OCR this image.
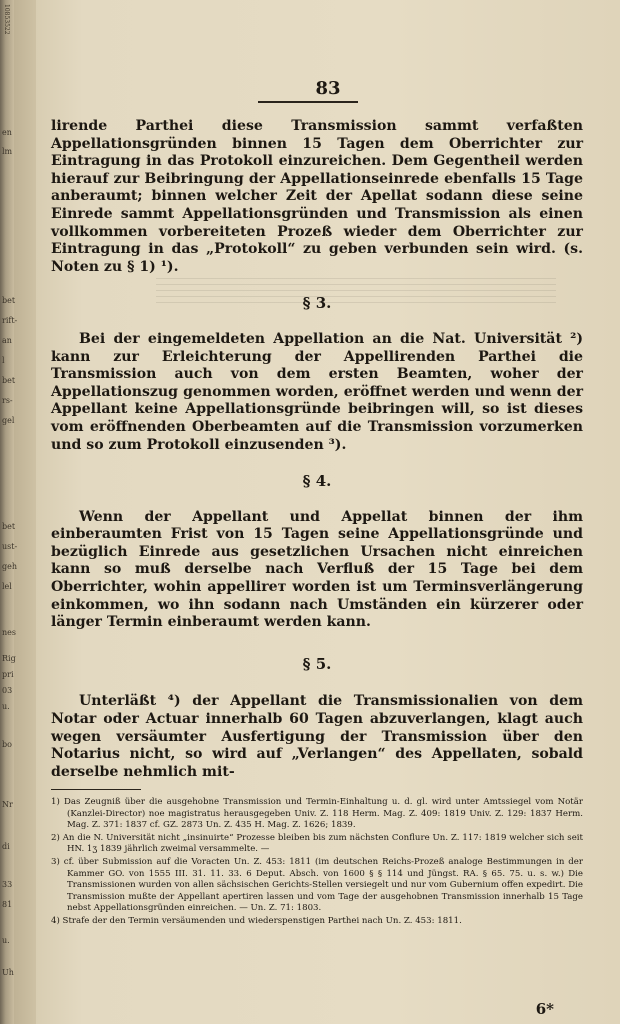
10853522
en
lm
bet
rift-
an
l
bet
rs-
gel
bet
ust-
geh
lel
nes
Rig
pri
03
u.
bo
Nr
di
33
81
u.
Uh
83

lirende Parthei diese Transmission sammt verfaßten Appellationsgründen binnen 15 Tagen dem Oberrichter zur Eintragung in das Protokoll einzureichen. Dem Gegentheil werden hierauf zur Beibringung der Appellationseinrede ebenfalls 15 Tage anberaumt; binnen welcher Zeit der Apellat sodann diese seine Einrede sammt Appellationsgründen und Transmission als einen vollkommen vorbereiteten Prozeß wieder dem Oberrichter zur Eintragung in das „Protokoll“ zu geben verbunden sein wird. (s. Noten zu § 1) ¹).

§ 3.

Bei der eingemeldeten Appellation an die Nat. Universität ²) kann zur Erleichterung der Appellirenden Parthei die Transmission auch von dem ersten Beamten, woher der Appellationszug genommen worden, eröffnet werden und wenn der Appellant keine Appellationsgründe beibringen will, so ist dieses vom eröffnenden Oberbeamten auf die Transmission vorzumerken und so zum Protokoll einzusenden ³).

§ 4.

Wenn der Appellant und Appellat binnen der ihm einberaumten Frist von 15 Tagen seine Appellationsgründe und bezüglich Einrede aus gesetzlichen Ursachen nicht einreichen kann so muß derselbe nach Verfluß der 15 Tage bei dem Oberrichter, wohin appellirет worden ist um Terminsverlängerung einkommen, wo ihn sodann nach Umständen ein kürzerer oder länger Termin einberaumt werden kann.

§ 5.

Unterläßt ⁴) der Appellant die Transmissionalien von dem Notar oder Actuar innerhalb 60 Tagen abzuverlangen, klagt auch wegen versäumter Ausfertigung der Transmission über den Notarius nicht, so wird auf „Verlangen“ des Appellaten, sobald derselbe nehmlich mit-

1) Das Zeugniß über die ausgehobne Transmission und Termin-Einhaltung u. d. gl. wird unter Amtssiegel vom Notär (Kanzlei-Director) noe magistratus herausgegeben Univ. Z. 118 Herm. Mag. Z. 409: 1819 Univ. Z. 129: 1837 Herm. Mag. Z. 371: 1837 cf. GZ. 2873 Un. Z. 435 H. Mag. Z. 1626; 1839.

2) An die N. Universität nicht „insinuirte“ Prozesse bleiben bis zum nächsten Conflure Un. Z. 117: 1819 welcher sich seit HN. 1ʒ 1839 jährlich zweimal versammelte. —

3) cf. über Submission auf die Voracten Un. Z. 453: 1811 (im deutschen Reichs-Prozeß analoge Bestimmungen in der Kammer GO. von 1555 III. 31. 11. 33. 6 Deput. Absch. von 1600 § § 114 und Jüngst. RA. § 65. 75. u. s. w.) Die Transmissionen wurden von allen sächsischen Gerichts-Stellen versiegelt und nur vom Gubernium offen expedirt. Die Transmission mußte der Appellant apertiren lassen und vom Tage der ausgehobnen Transmission innerhalb 15 Tage nebst Appellationsgründen einreichen. — Un. Z. 71: 1803.

4) Strafe der den Termin versäumenden und wiederspenstigen Parthei nach Un. Z. 453: 1811.

6*
